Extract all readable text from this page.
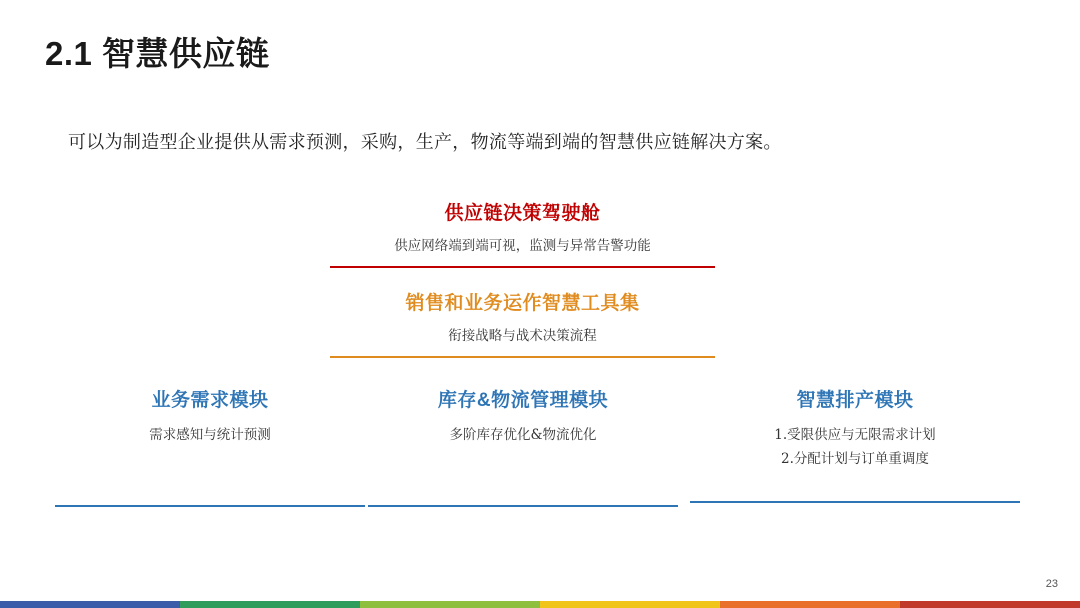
2.1 智慧供应链
可以为制造型企业提供从需求预测，采购，生产，物流等端到端的智慧供应链解决方案。
供应链决策驾驶舱
供应网络端到端可视，监测与异常告警功能
销售和业务运作智慧工具集
衔接战略与战术决策流程
业务需求模块
需求感知与统计预测
库存&物流管理模块
多阶库存优化&物流优化
智慧排产模块
1.受限供应与无限需求计划
2.分配计划与订单重调度
23
